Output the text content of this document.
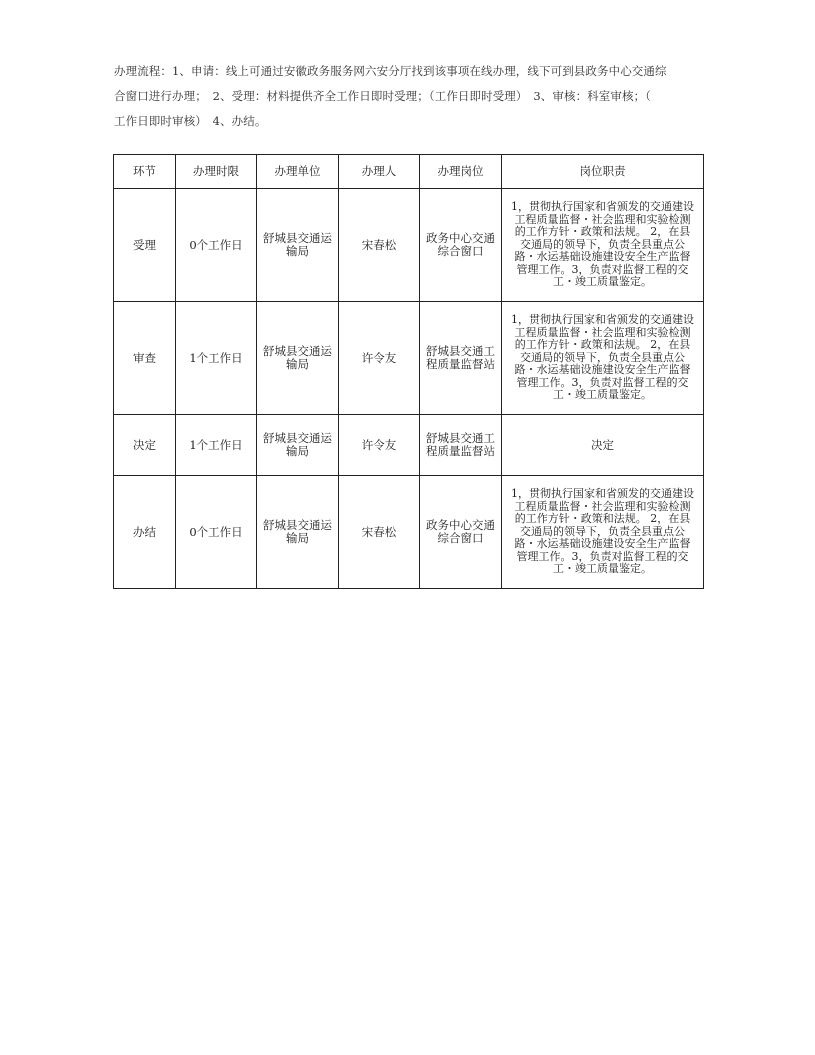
办理流程：1、申请：线上可通过安徽政务服务网六安分厅找到该事项在线办理，线下可到县政务中心交通综

合窗口进行办理；　2、受理：材料提供齐全工作日即时受理；（工作日即时受理）　3、审核：科室审核；（

工作日即时审核）　4、办结。

环节	办理时限	办理单位	办理人	办理岗位	岗位职责
受理	0个工作日	舒城县交通运输局	宋春松	政务中心交通综合窗口	1，贯彻执行国家和省颁发的交通建设工程质量监督・社会监理和实验检测的工作方针・政策和法规。 2，在县交通局的领导下，负责全县重点公路・水运基础设施建设安全生产监督管理工作。3，负责对监督工程的交工・竣工质量鉴定。
审查	1个工作日	舒城县交通运输局	许令友	舒城县交通工程质量监督站	1，贯彻执行国家和省颁发的交通建设工程质量监督・社会监理和实验检测的工作方针・政策和法规。 2，在县交通局的领导下，负责全县重点公路・水运基础设施建设安全生产监督管理工作。3，负责对监督工程的交工・竣工质量鉴定。
决定	1个工作日	舒城县交通运输局	许令友	舒城县交通工程质量监督站	决定
办结	0个工作日	舒城县交通运输局	宋春松	政务中心交通综合窗口	1，贯彻执行国家和省颁发的交通建设工程质量监督・社会监理和实验检测的工作方针・政策和法规。 2，在县交通局的领导下，负责全县重点公路・水运基础设施建设安全生产监督管理工作。3，负责对监督工程的交工・竣工质量鉴定。
